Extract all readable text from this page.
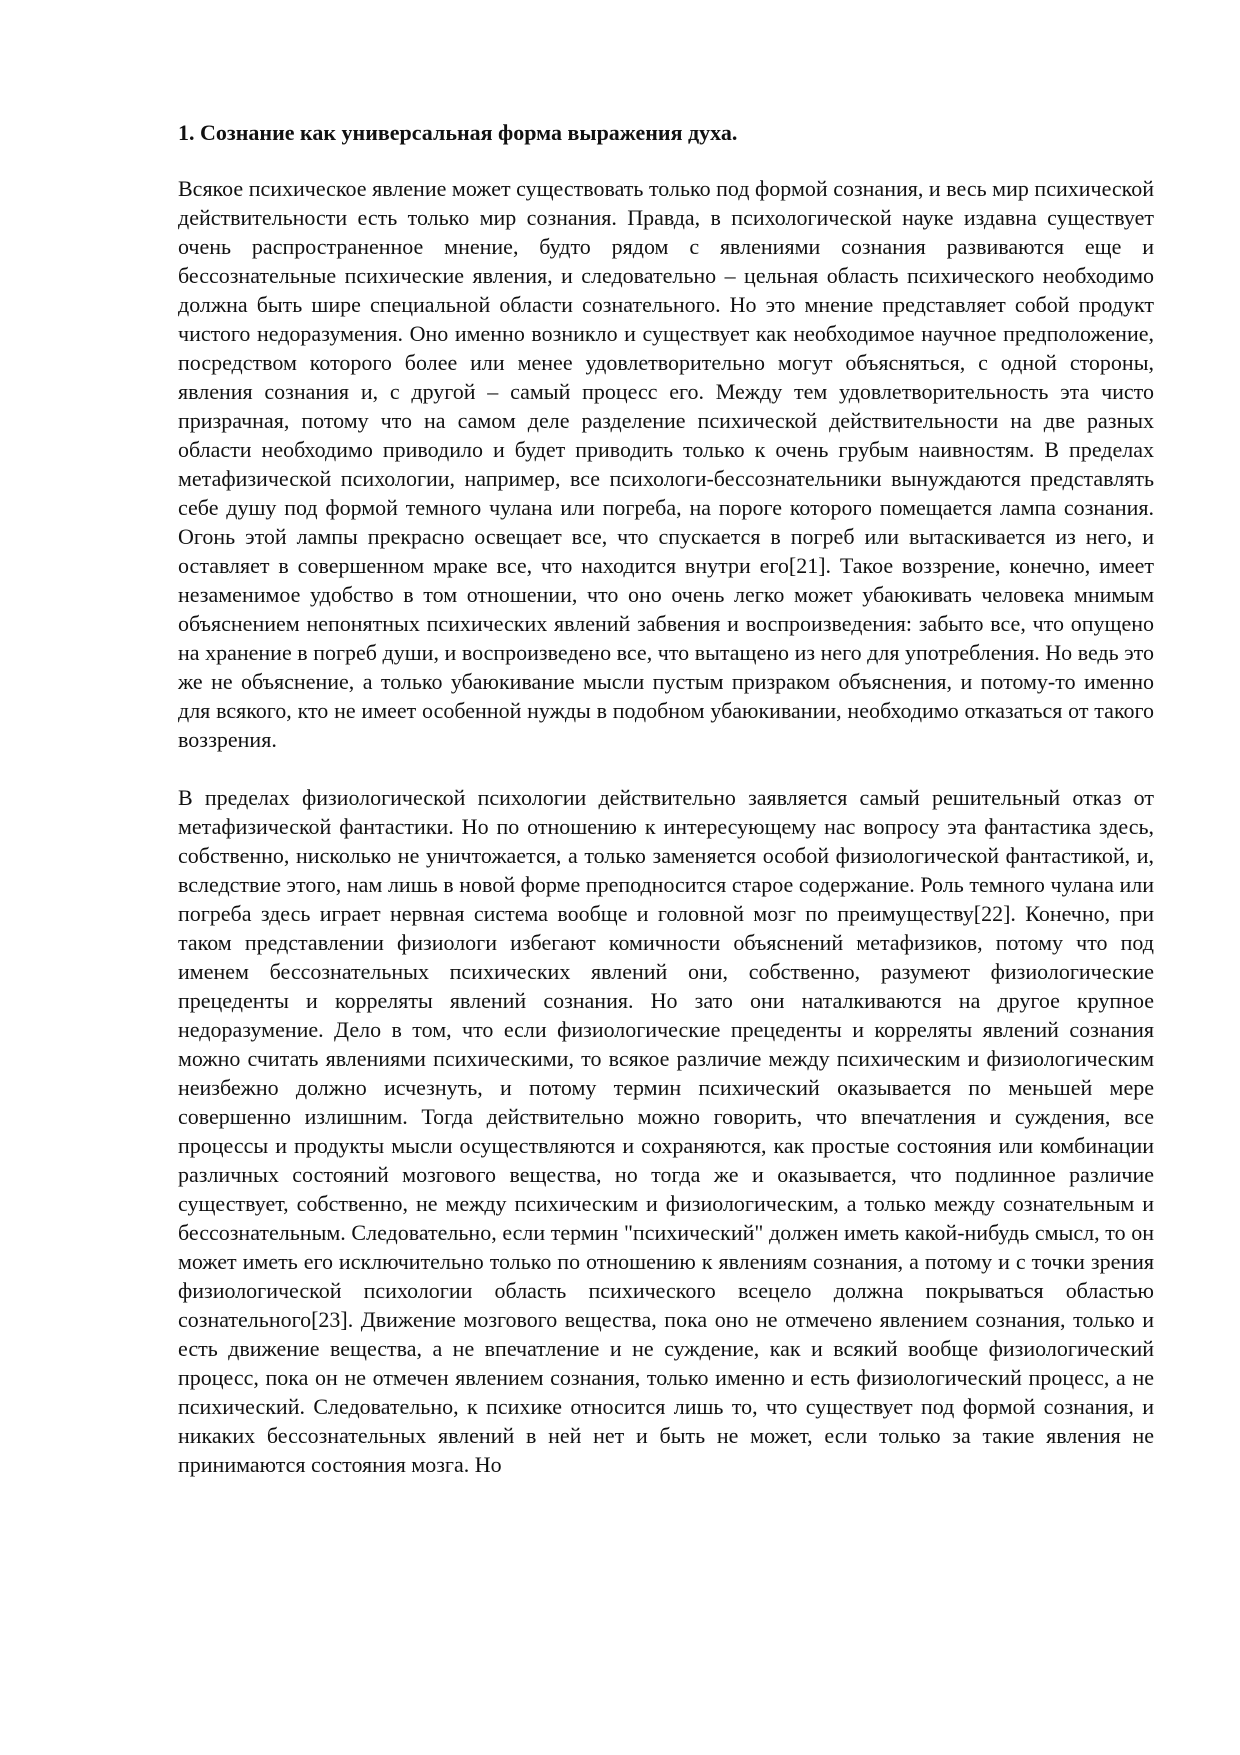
1. Сознание как универсальная форма выражения духа.

Всякое психическое явление может существовать только под формой сознания, и весь мир психической действительности есть только мир сознания. Правда, в психологической науке издавна существует очень распространенное мнение, будто рядом с явлениями сознания развиваются еще и бессознательные психические явления, и следовательно – цельная область психического необходимо должна быть шире специальной области сознательного. Но это мнение представляет собой продукт чистого недоразумения. Оно именно возникло и существует как необходимое научное предположение, посредством которого более или менее удовлетворительно могут объясняться, с одной стороны, явления сознания и, с другой – самый процесс его. Между тем удовлетворительность эта чисто призрачная, потому что на самом деле разделение психической действительности на две разных области необходимо приводило и будет приводить только к очень грубым наивностям. В пределах метафизической психологии, например, все психологи-бессознательники вынуждаются представлять себе душу под формой темного чулана или погреба, на пороге которого помещается лампа сознания. Огонь этой лампы прекрасно освещает все, что спускается в погреб или вытаскивается из него, и оставляет в совершенном мраке все, что находится внутри его[21]. Такое воззрение, конечно, имеет незаменимое удобство в том отношении, что оно очень легко может убаюкивать человека мнимым объяснением непонятных психических явлений забвения и воспроизведения: забыто все, что опущено на хранение в погреб души, и воспроизведено все, что вытащено из него для употребления. Но ведь это же не объяснение, а только убаюкивание мысли пустым призраком объяснения, и потому-то именно для всякого, кто не имеет особенной нужды в подобном убаюкивании, необходимо отказаться от такого воззрения.

В пределах физиологической психологии действительно заявляется самый решительный отказ от метафизической фантастики. Но по отношению к интересующему нас вопросу эта фантастика здесь, собственно, нисколько не уничтожается, а только заменяется особой физиологической фантастикой, и, вследствие этого, нам лишь в новой форме преподносится старое содержание. Роль темного чулана или погреба здесь играет нервная система вообще и головной мозг по преимуществу[22]. Конечно, при таком представлении физиологи избегают комичности объяснений метафизиков, потому что под именем бессознательных психических явлений они, собственно, разумеют физиологические прецеденты и корреляты явлений сознания. Но зато они наталкиваются на другое крупное недоразумение. Дело в том, что если физиологические прецеденты и корреляты явлений сознания можно считать явлениями психическими, то всякое различие между психическим и физиологическим неизбежно должно исчезнуть, и потому термин психический оказывается по меньшей мере совершенно излишним. Тогда действительно можно говорить, что впечатления и суждения, все процессы и продукты мысли осуществляются и сохраняются, как простые состояния или комбинации различных состояний мозгового вещества, но тогда же и оказывается, что подлинное различие существует, собственно, не между психическим и физиологическим, а только между сознательным и бессознательным. Следовательно, если термин "психический" должен иметь какой-нибудь смысл, то он может иметь его исключительно только по отношению к явлениям сознания, а потому и с точки зрения физиологической психологии область психического всецело должна покрываться областью сознательного[23]. Движение мозгового вещества, пока оно не отмечено явлением сознания, только и есть движение вещества, а не впечатление и не суждение, как и всякий вообще физиологический процесс, пока он не отмечен явлением сознания, только именно и есть физиологический процесс, а не психический. Следовательно, к психике относится лишь то, что существует под формой сознания, и никаких бессознательных явлений в ней нет и быть не может, если только за такие явления не принимаются состояния мозга. Но
